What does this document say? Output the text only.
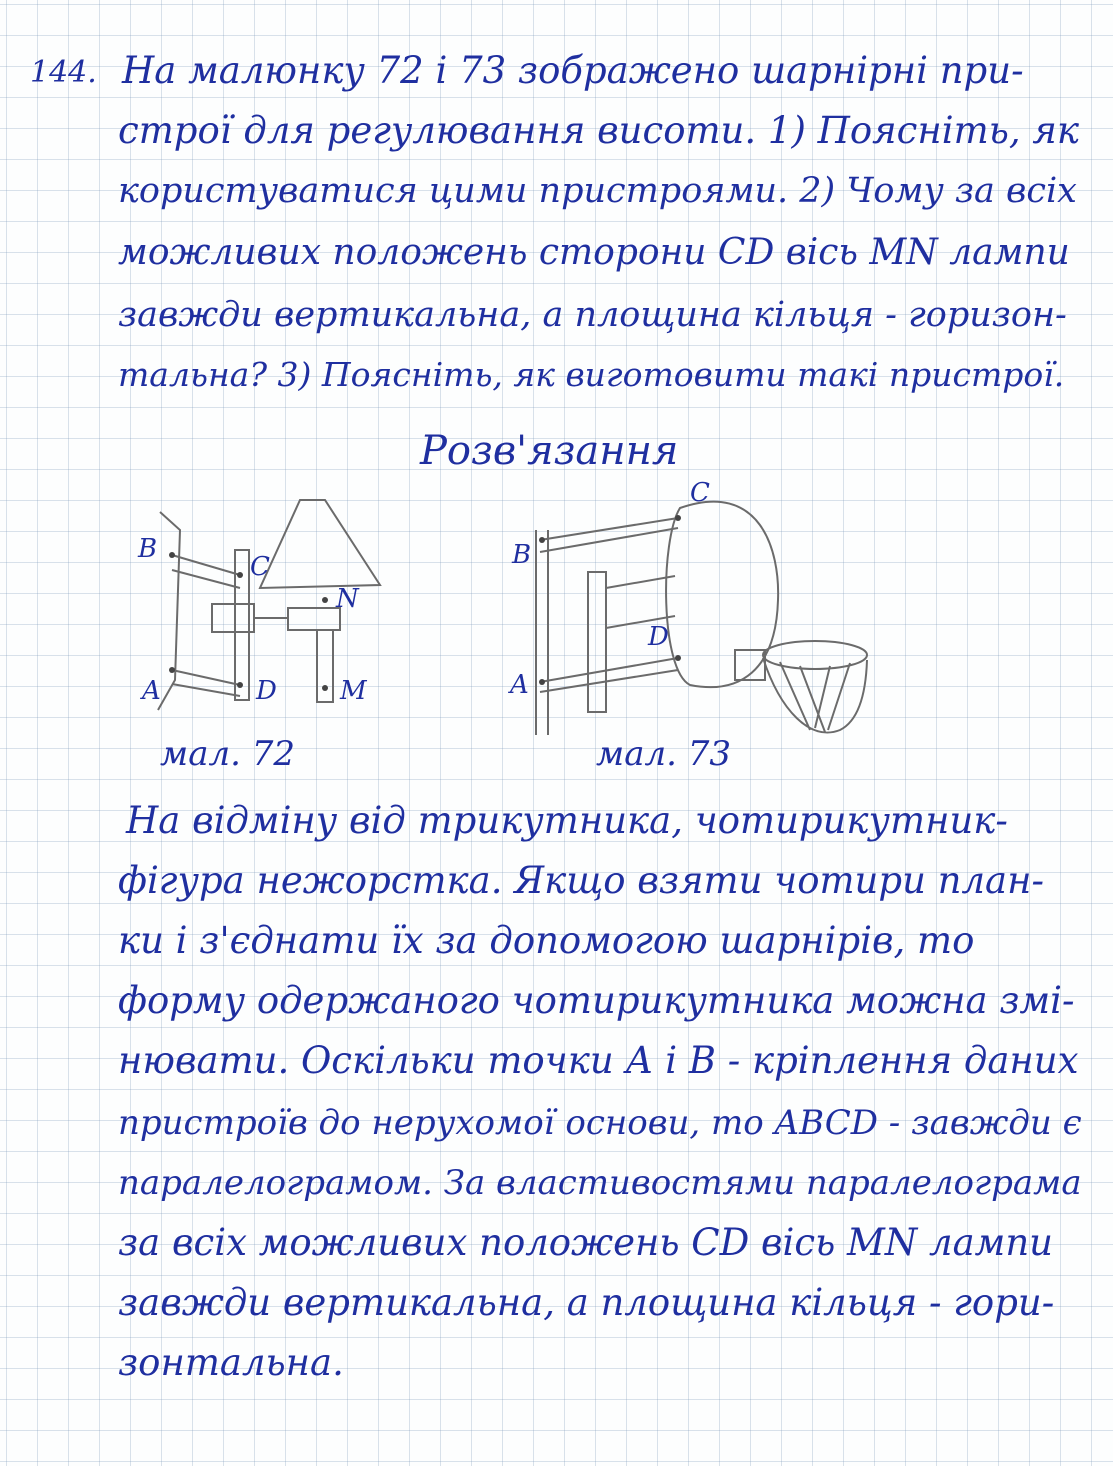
144. На малюнку 72 і 73 зображено шарнірні при-
строї для регулювання висоти. 1) Поясніть, як
користуватися цими пристроями. 2) Чому за всіх
можливих положень сторони CD вісь MN лампи
завжди вертикальна, а площина кільця - горизон-
тальна? 3) Поясніть, як виготовити такі пристрої.
Розв'язання
B
C
N
A	D M
мал. 72
C
B
D
A
мал. 73
На відміну від трикутника, чотирикутник-
фігура нежорстка. Якщо взяти чотири план-
ки і з'єднати їх за допомогою шарнірів, то
форму одержаного чотирикутника можна змі-
нювати. Оскільки точки А і В - кріплення даних
пристроїв до нерухомої основи, то ABCD - завжди є
паралелограмом. За властивостями паралелограма
за всіх можливих положень CD вісь MN лампи
завжди вертикальна, а площина кільця - гори-
зонтальна.
